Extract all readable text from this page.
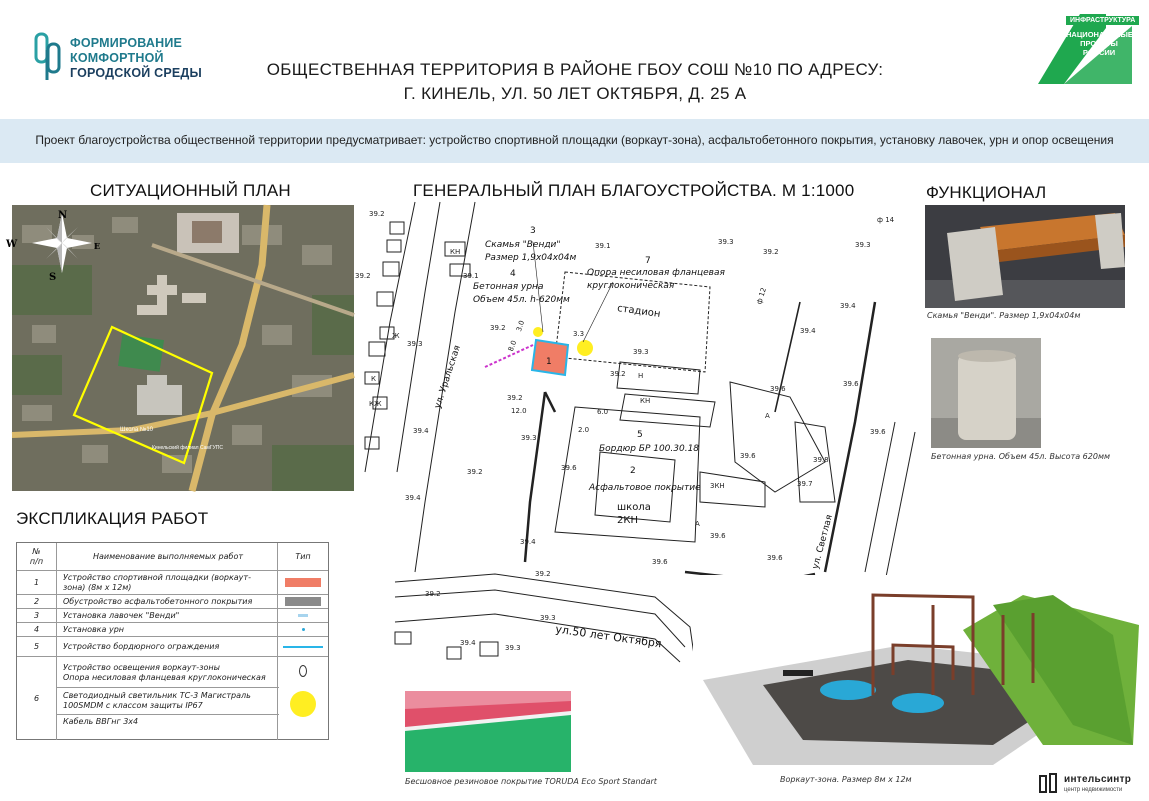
ФОРМИРОВАНИЕ
КОМФОРТНОЙ
ГОРОДСКОЙ СРЕДЫ	ОБЩЕСТВЕННАЯ ТЕРРИТОРИЯ В РАЙОНЕ ГБОУ СОШ №10 ПО АДРЕСУ:
Г. КИНЕЛЬ, УЛ. 50 ЛЕТ ОКТЯБРЯ, Д. 25 А
ИНФРАСТРУКТУРА
НАЦИОНАЛЬНЫЕ
ПРОЕКТЫ
РОССИИ
Проект благоустройства общественной территории предусматривает: устройство спортивной площадки (воркаут-зона), асфальтобетонного покрытия, установку лавочек, урн и опор освещения
СИТУАЦИОННЫЙ ПЛАН	ГЕНЕРАЛЬНЫЙ ПЛАН БЛАГОУСТРОЙСТВА. М 1:1000	ФУНКЦИОНАЛ
ЭКСПЛИКАЦИЯ РАБОТ
N
S
W	E
Школа №10
Кинельский филиал СамГУПС
№
п/п
Наименование выполняемых работ	Тип
1
Устройство спортивной площадки (воркаут-зона) (8м х 12м)
2	Обустройство асфальтобетонного покрытия
3	Установка лавочек "Венди"
4	Установка урн
5	Устройство бордюрного ограждения
6
Устройство освещения воркаут-зоны
Опора несиловая фланцевая круглоконическая
Светодиодный светильник ТС-3 Магистраль 100SMDM с классом защиты IP67
Кабель ВВГнг 3х4
1
3
Скамья "Венди"
Размер 1,9х04х04м
4
Бетонная урна
Объем 45л. h-620мм
7
Опора несиловая фланцевая
круглоконическая
5
Бордюр БР 100.30.18
2
Асфальтовое покрытие
стадион
школа
2КН
ул. Уральская
ул.50 лет Октября
ул. Светлая
КН
КН
3КН
А
А
Н
Ж
К
КЖ
12.0
8.0
2.0
6.0
3.0
3.3
39.2
39.1
39.1	39.3
39.2
39.3
39.2
39.2
39.3
39.2
39.3
39.4
39.4
39.2
39.3
39.4
39.2	39.6
39.6
39.6
39.6	39.8
39.7
39.6
39.4
39.4
39.2
39.6
39.6
39.6
39.2
39.3
39.4
39.3
ф 14
ф 12
Скамья "Венди". Размер 1,9х04х04м
Бетонная урна. Объем 45л. Высота 620мм
Бесшовное резиновое покрытие TORUDA Eco Sport Standart	Воркаут-зона. Размер 8м х 12м	интельсинтр
центр недвижимости
